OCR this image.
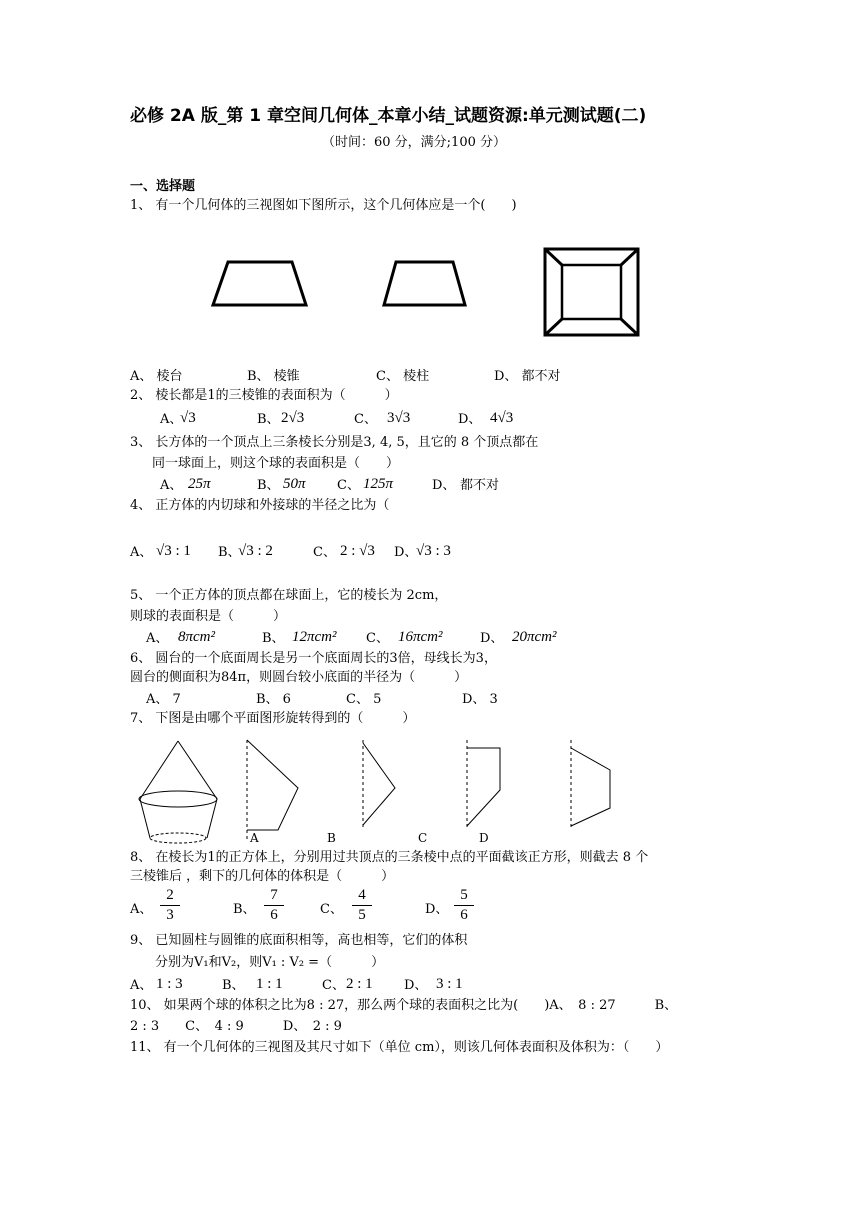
必修 2A 版_第 1 章空间几何体_本章小结_试题资源:单元测试题(二)
（时间：60 分，满分;100 分）
一、选择题
1、 有一个几何体的三视图如下图所示，这个几何体应是一个(　　)
A、 棱台	B、 棱锥	C、 棱柱	D、 都不对
2、 棱长都是1的三棱锥的表面积为（　　　）
A、
√3	B、 2√3	C、 3√3	D、 4√3
3、 长方体的一个顶点上三条棱长分别是3, 4, 5，且它的 8 个顶点都在
同一球面上，则这个球的表面积是（　　）
A、 25π	B、 50π C、 125π	D、 都不对
4、 正方体的内切球和外接球的半径之比为（
A、 √3 : 1 B、
√3 : 2	C、 2 : √3 D、
√3 : 3
5、 一个正方体的顶点都在球面上，它的棱长为 2cm，
则球的表面积是（　　　）
A、 8πcm²	B、 12πcm² C、 16πcm²	D、 20πcm²
6、 圆台的一个底面周长是另一个底面周长的3倍，母线长为3，
圆台的侧面积为84π，则圆台较小底面的半径为（　　　）
A、 7	B、 6	C、 5	D、 3
7、 下图是由哪个平面图形旋转得到的（　　　）
A	B	C	D
8、 在棱长为1的正方体上，分别用过共顶点的三条棱中点的平面截该正方形，则截去 8 个
三棱锥后 ，剩下的几何体的体积是（　　　）
A、
2
3	B、
7
6	C、
4
5	D、
5
6
9、 已知圆柱与圆锥的底面积相等，高也相等，它们的体积
分别为V₁和V₂，则V₁ : V₂ =（　　　）
A、 1 : 3	B、 1 : 1	C、 2 : 1 D、 3 : 1
10、 如果两个球的体积之比为8 : 27，那么两个球的表面积之比为(　　)A、　8 : 27　　　B、
2 : 3　　C、　4 : 9　　　D、　2 : 9
11、 有一个几何体的三视图及其尺寸如下（单位 cm），则该几何体表面积及体积为：（　　）
